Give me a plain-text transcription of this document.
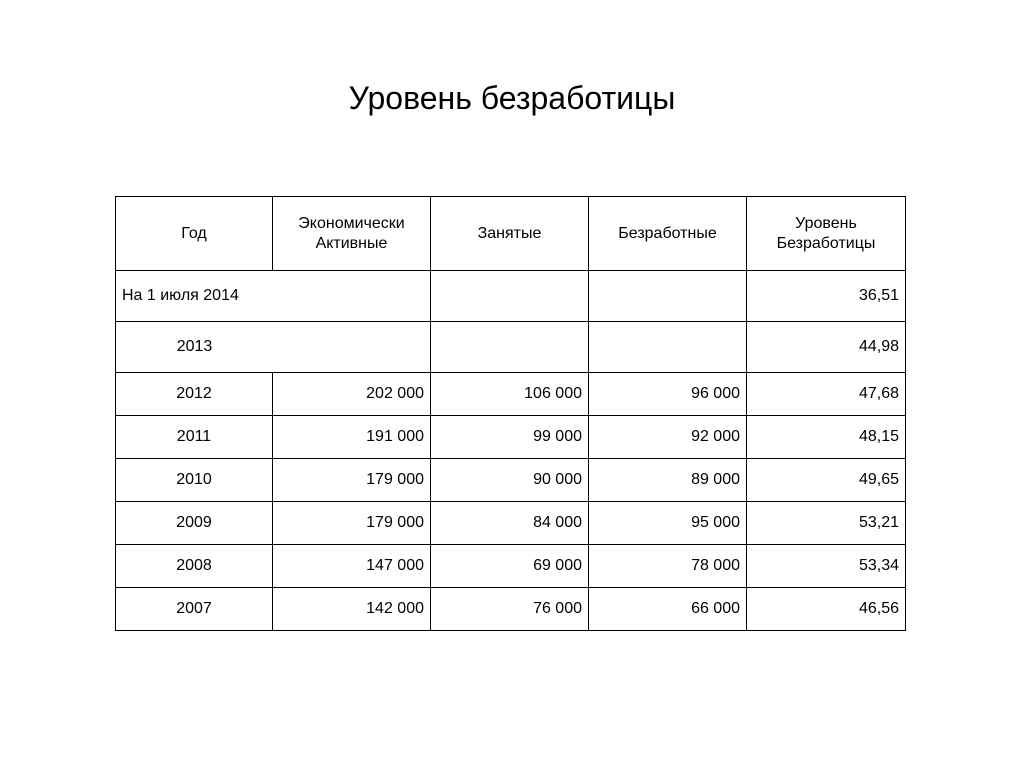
Уровень безработицы
Год	Экономически Активные	Занятые	Безработные	Уровень Безработицы
На 1 июля 2014				36,51
2013				44,98
2012	202 000	106 000	96 000	47,68
2011	191 000	99 000	92 000	48,15
2010	179 000	90 000	89 000	49,65
2009	179 000	84 000	95 000	53,21
2008	147 000	69 000	78 000	53,34
2007	142 000	76 000	66 000	46,56
